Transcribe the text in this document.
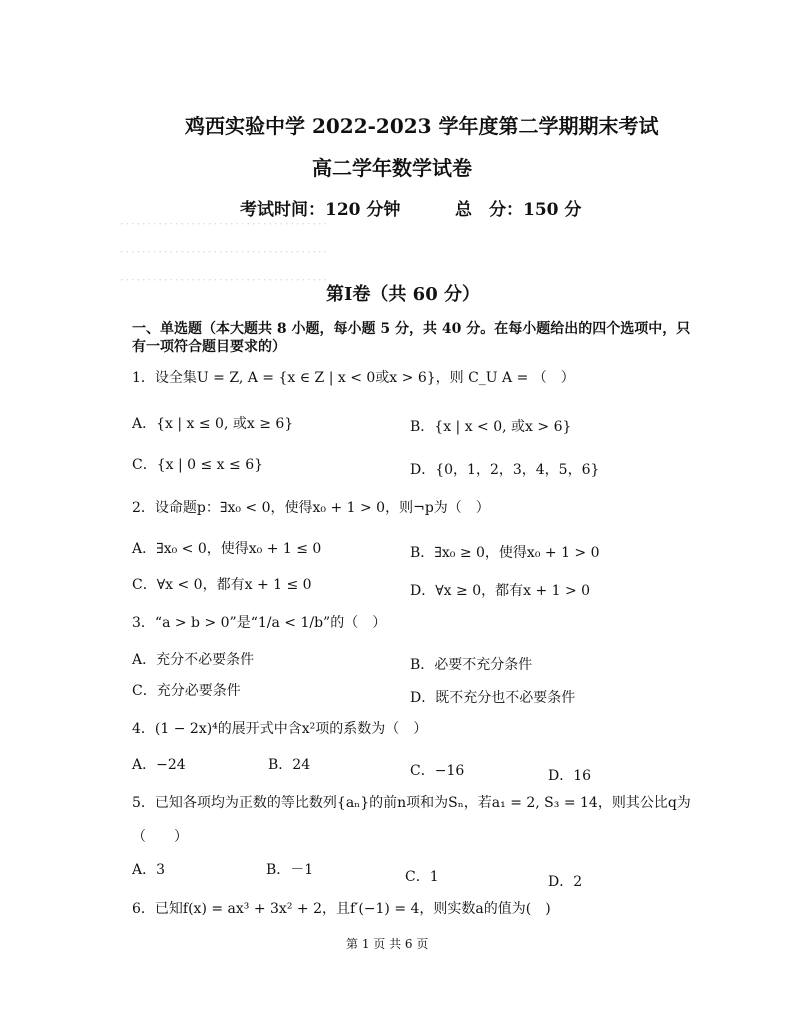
．．．．．．．．．．．．．．．．．．．．．．．．．．．．．．．．．．．．．．
．．．．．．．．．．．．．．．．．．．．．．．．．．．．．．．．．．．．．．
．．．．．．．．．．．．．．．．．．．．．．．．．．．．．．．．．．．．．．
鸡西实验中学 2022-2023 学年度第二学期期末考试
高二学年数学试卷
考试时间：120 分钟	总　分：150 分
第Ⅰ卷（共 60 分）
一、单选题（本大题共 8 小题，每小题 5 分，共 40 分。在每小题给出的四个选项中，只
有一项符合题目要求的）
1．设全集U = Z, A = {x ∈ Z | x < 0或x > 6}，则 C_U A = （　）
A．{x | x ≤ 0, 或x ≥ 6}	B．{x | x < 0, 或x > 6}
C．{x | 0 ≤ x ≤ 6}	D．{0，1，2，3，4，5，6}
2．设命题p：∃x₀ < 0，使得x₀ + 1 > 0，则¬p为（　）
A．∃x₀ < 0，使得x₀ + 1 ≤ 0	B．∃x₀ ≥ 0，使得x₀ + 1 > 0
C．∀x < 0，都有x + 1 ≤ 0	D．∀x ≥ 0，都有x + 1 > 0
3．“a > b > 0”是“1/a < 1/b”的（　）
A．充分不必要条件	B．必要不充分条件
C．充分必要条件	D．既不充分也不必要条件
4．(1 − 2x)⁴的展开式中含x²项的系数为（　）
A．−24	B．24	C．−16	D．16
5．已知各项均为正数的等比数列{aₙ}的前n项和为Sₙ，若a₁ = 2, S₃ = 14，则其公比q为
（　　）
A．3	B．－1	C．1	D．2
6．已知f(x) = ax³ + 3x² + 2，且f′(−1) = 4，则实数a的值为(　)
第 1 页 共 6 页
